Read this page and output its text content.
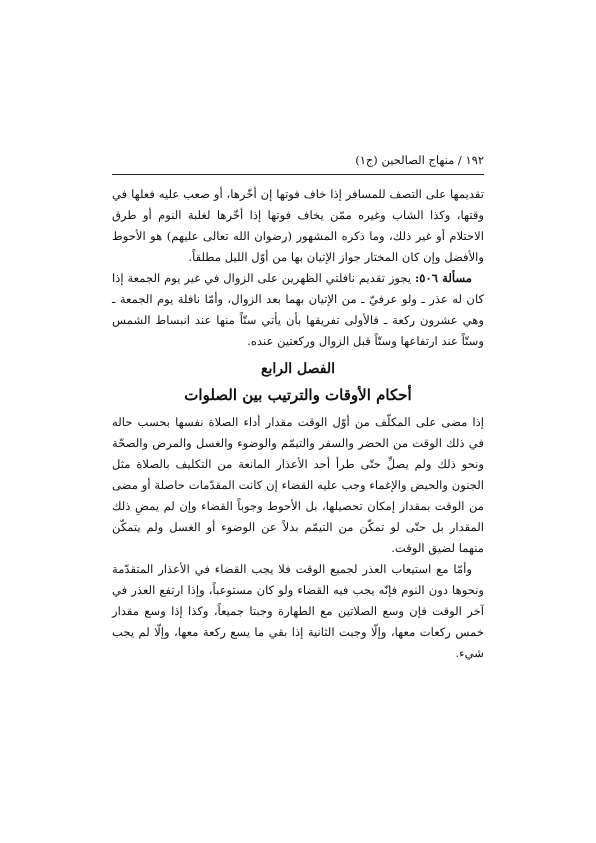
١٩٢ / منهاج الصالحين (ج١)

تقديمها على التصف للمسافر إذا خاف فوتها إن أخّرها، أو صعب عليه فعلها في وقتها، وكذا الشاب وغيره ممّن يخاف فوتها إذا أخّرها لغلبة النوم أو طرق الاحتلام أو غير ذلك، وما ذكره المشهور (رضوان الله تعالى عليهم) هو الأحوط والأفضل وإن كان المختار جواز الإتيان بها من أوّل الليل مطلقاً.

مسألة ٥٠٦: يجوز تقديم نافلتي الظهرين على الزوال في غير يوم الجمعة إذا كان له عذر ـ ولو عرفيّ ـ من الإتيان بهما بعد الزوال، وأمّا نافلة يوم الجمعة ـ وهي عشرون ركعة ـ فالأولى تفريقها بأن يأتي ستّاً منها عند انبساط الشمس وستّاً عند ارتفاعها وستّاً قبل الزوال وركعتين عنده.

الفصل الرابع

أحكام الأوقات والترتيب بين الصلوات

إذا مضى على المكلّف من أوّل الوقت مقدار أداء الصلاة نفسها بحسب حاله في ذلك الوقت من الحضر والسفر والتيمّم والوضوء والغسل والمرض والصحّة ونحو ذلك ولم يصلِّ حتّى طرأ أحد الأعذار المانعة من التكليف بالصلاة مثل الجنون والحيض والإغماء وجب عليه القضاء إن كانت المقدّمات حاصلة أو مضى من الوقت بمقدار إمكان تحصيلها، بل الأحوط وجوباً القضاء وإن لم يمضِ ذلك المقدار بل حتّى لو تمكّن من التيمّم بدلاً عن الوضوء أو الغسل ولم يتمكّن منهما لضيق الوقت.

وأمّا مع استيعاب العذر لجميع الوقت فلا يجب القضاء في الأعذار المتقدّمة ونحوها دون النوم فإنّه يجب فيه القضاء ولو كان مستوعباً، وإذا ارتفع العذر في آخر الوقت فإن وسع الصلاتين مع الطهارة وجبتا جميعاً، وكذا إذا وسع مقدار خمس ركعات معها، وإلّا وجبت الثانية إذا بقي ما يسع ركعة معها، وإلّا لم يجب شيء.
